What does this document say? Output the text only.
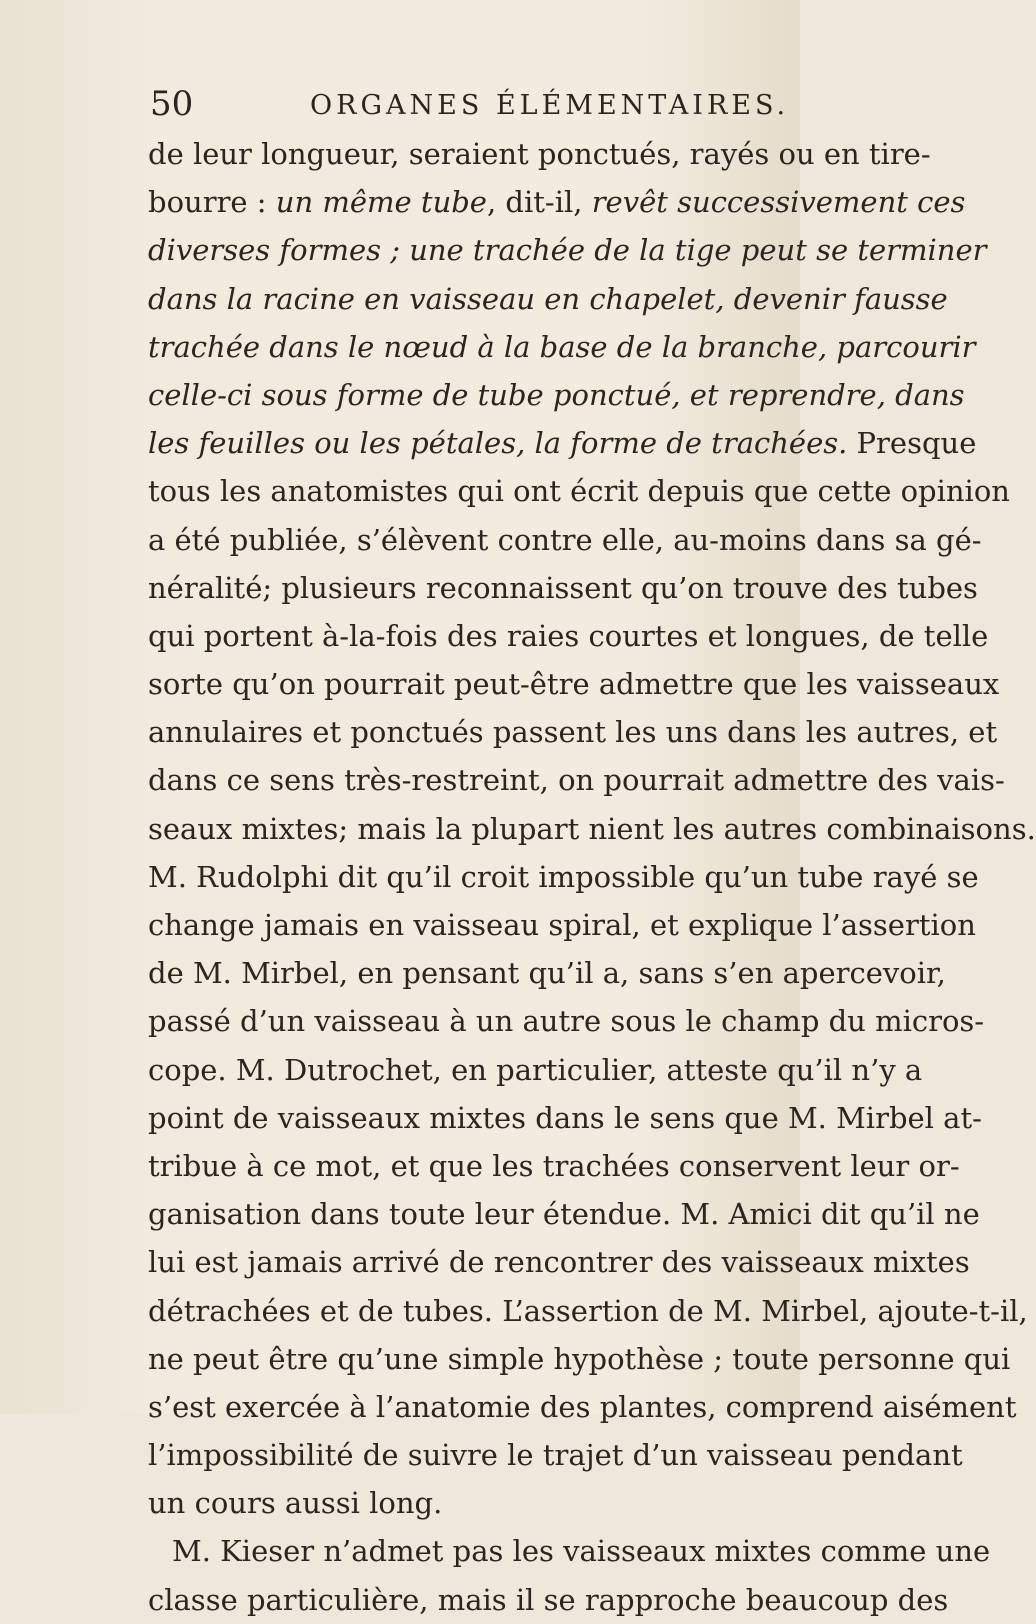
50	ORGANES ÉLÉMENTAIRES.
de leur longueur, seraient ponctués, rayés ou en tire-
bourre : un même tube, dit-il, revêt successivement ces
diverses formes ; une trachée de la tige peut se terminer
dans la racine en vaisseau en chapelet, devenir fausse
trachée dans le nœud à la base de la branche, parcourir
celle-ci sous forme de tube ponctué, et reprendre, dans
les feuilles ou les pétales, la forme de trachées. Presque
tous les anatomistes qui ont écrit depuis que cette opinion
a été publiée, s’élèvent contre elle, au-moins dans sa gé-
néralité; plusieurs reconnaissent qu’on trouve des tubes
qui portent à-la-fois des raies courtes et longues, de telle
sorte qu’on pourrait peut-être admettre que les vaisseaux
annulaires et ponctués passent les uns dans les autres, et
dans ce sens très-restreint, on pourrait admettre des vais-
seaux mixtes; mais la plupart nient les autres combinaisons.
M. Rudolphi dit qu’il croit impossible qu’un tube rayé se
change jamais en vaisseau spiral, et explique l’assertion
de M. Mirbel, en pensant qu’il a, sans s’en apercevoir,
passé d’un vaisseau à un autre sous le champ du micros-
cope. M. Dutrochet, en particulier, atteste qu’il n’y a
point de vaisseaux mixtes dans le sens que M. Mirbel at-
tribue à ce mot, et que les trachées conservent leur or-
ganisation dans toute leur étendue. M. Amici dit qu’il ne
lui est jamais arrivé de rencontrer des vaisseaux mixtes
détrachées et de tubes. L’assertion de M. Mirbel, ajoute-t-il,
ne peut être qu’une simple hypothèse ; toute personne qui
s’est exercée à l’anatomie des plantes, comprend aisément
l’impossibilité de suivre le trajet d’un vaisseau pendant
un cours aussi long.
M. Kieser n’admet pas les vaisseaux mixtes comme une
classe particulière, mais il se rapproche beaucoup des
